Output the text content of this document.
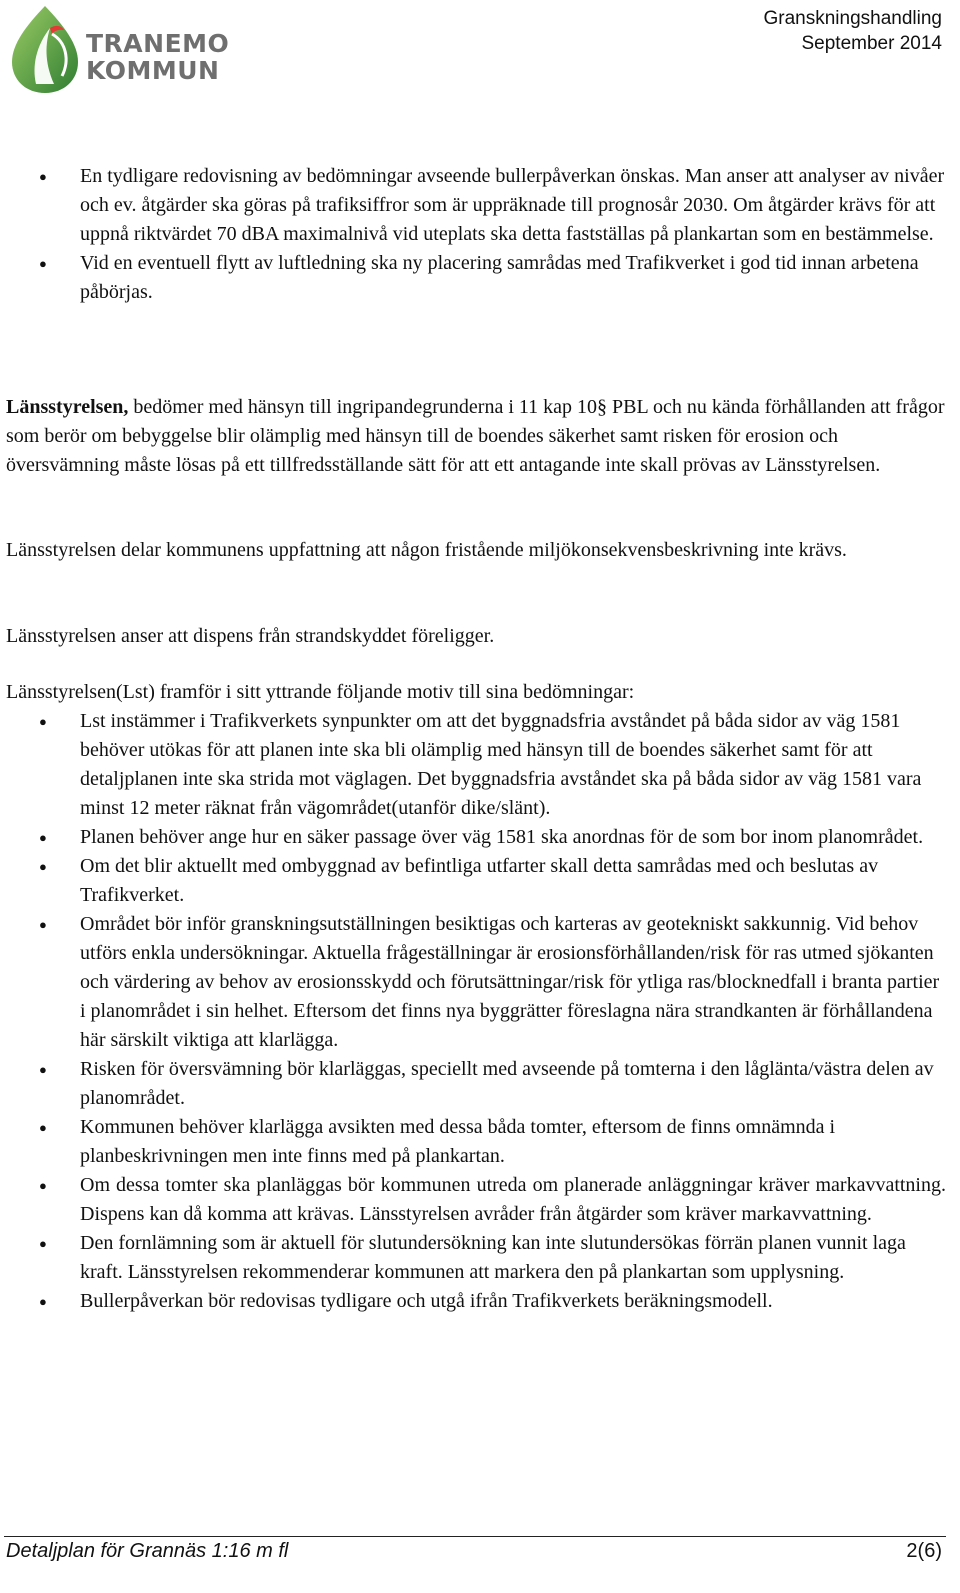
TRANEMO
KOMMUN
Granskningshandling
September 2014
● En tydligare redovisning av bedömningar avseende bullerpåverkan önskas. Man anser att analyser av nivåer och ev. åtgärder ska göras på trafiksiffror som är uppräknade till prognosår 2030. Om åtgärder krävs för att uppnå riktvärdet 70 dBA maximalnivå vid uteplats ska detta fastställas på plankartan som en bestämmelse.
● Vid en eventuell flytt av luftledning ska ny placering samrådas med Trafikverket i god tid innan arbetena påbörjas.

Länsstyrelsen, bedömer med hänsyn till ingripandegrunderna i 11 kap 10§ PBL och nu kända förhållanden att frågor som berör om bebyggelse blir olämplig med hänsyn till de boendes säkerhet samt risken för erosion och översvämning måste lösas på ett tillfredsställande sätt för att ett antagande inte skall prövas av Länsstyrelsen.

Länsstyrelsen delar kommunens uppfattning att någon fristående miljökonsekvensbeskrivning inte krävs.

Länsstyrelsen anser att dispens från strandskyddet föreligger.

Länsstyrelsen(Lst) framför i sitt yttrande följande motiv till sina bedömningar:

● Lst instämmer i Trafikverkets synpunkter om att det byggnadsfria avståndet på båda sidor av väg 1581 behöver utökas för att planen inte ska bli olämplig med hänsyn till de boendes säkerhet samt för att detaljplanen inte ska strida mot väglagen. Det byggnadsfria avståndet ska på båda sidor av väg 1581 vara minst 12 meter räknat från vägområdet(utanför dike/slänt).
● Planen behöver ange hur en säker passage över väg 1581 ska anordnas för de som bor inom planområdet.
● Om det blir aktuellt med ombyggnad av befintliga utfarter skall detta samrådas med och beslutas av Trafikverket.
● Området bör inför granskningsutställningen besiktigas och karteras av geotekniskt sakkunnig. Vid behov utförs enkla undersökningar. Aktuella frågeställningar är erosionsförhållanden/risk för ras utmed sjökanten och värdering av behov av erosionsskydd och förutsättningar/risk för ytliga ras/blocknedfall i branta partier i planområdet i sin helhet. Eftersom det finns nya byggrätter föreslagna nära strandkanten är förhållandena här särskilt viktiga att klarlägga.
● Risken för översvämning bör klarläggas, speciellt med avseende på tomterna i den låglänta/västra delen av planområdet.
● Kommunen behöver klarlägga avsikten med dessa båda tomter, eftersom de finns omnämnda i planbeskrivningen men inte finns med på plankartan.
● Om dessa tomter ska planläggas bör kommunen utreda om planerade anläggningar kräver markavvattning. Dispens kan då komma att krävas. Länsstyrelsen avråder från åtgärder som kräver markavvattning.
● Den fornlämning som är aktuell för slutundersökning kan inte slutundersökas förrän planen vunnit laga kraft. Länsstyrelsen rekommenderar kommunen att markera den på plankartan som upplysning.
● Bullerpåverkan bör redovisas tydligare och utgå ifrån Trafikverkets beräkningsmodell.
Detaljplan för Grannäs 1:16 m fl	2(6)
